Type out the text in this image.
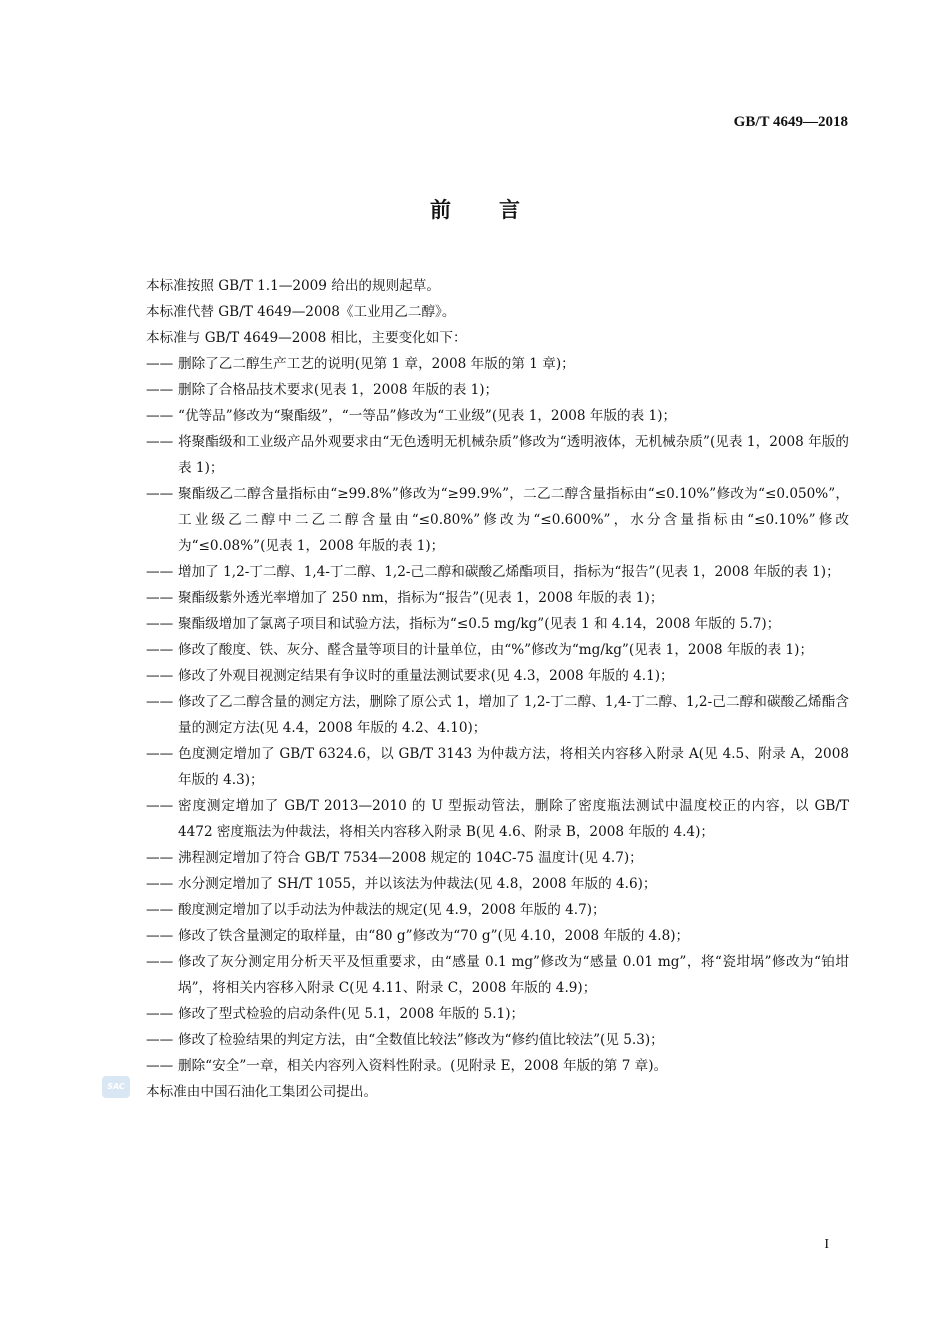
GB/T 4649—2018
前言
本标准按照 GB/T 1.1—2009 给出的规则起草。
本标准代替 GB/T 4649—2008《工业用乙二醇》。
本标准与 GB/T 4649—2008 相比，主要变化如下：
—— 删除了乙二醇生产工艺的说明(见第 1 章，2008 年版的第 1 章)；
—— 删除了合格品技术要求(见表 1，2008 年版的表 1)；
—— “优等品”修改为“聚酯级”，“一等品”修改为“工业级”(见表 1，2008 年版的表 1)；
—— 将聚酯级和工业级产品外观要求由“无色透明无机械杂质”修改为“透明液体，无机械杂质”(见表 1，2008 年版的表 1)；
—— 聚酯级乙二醇含量指标由“≥99.8%”修改为“≥99.9%”，二乙二醇含量指标由“≤0.10%”修改为“≤0.050%”，工业级乙二醇中二乙二醇含量由“≤0.80%”修改为“≤0.600%”，水分含量指标由“≤0.10%”修改为“≤0.08%”(见表 1，2008 年版的表 1)；
—— 增加了 1,2-丁二醇、1,4-丁二醇、1,2-己二醇和碳酸乙烯酯项目，指标为“报告”(见表 1，2008 年版的表 1)；
—— 聚酯级紫外透光率增加了 250 nm，指标为“报告”(见表 1，2008 年版的表 1)；
—— 聚酯级增加了氯离子项目和试验方法，指标为“≤0.5 mg/kg”(见表 1 和 4.14，2008 年版的 5.7)；
—— 修改了酸度、铁、灰分、醛含量等项目的计量单位，由“%”修改为“mg/kg”(见表 1，2008 年版的表 1)；
—— 修改了外观目视测定结果有争议时的重量法测试要求(见 4.3，2008 年版的 4.1)；
—— 修改了乙二醇含量的测定方法，删除了原公式 1，增加了 1,2-丁二醇、1,4-丁二醇、1,2-己二醇和碳酸乙烯酯含量的测定方法(见 4.4，2008 年版的 4.2、4.10)；
—— 色度测定增加了 GB/T 6324.6，以 GB/T 3143 为仲裁方法，将相关内容移入附录 A(见 4.5、附录 A，2008 年版的 4.3)；
—— 密度测定增加了 GB/T 2013—2010 的 U 型振动管法，删除了密度瓶法测试中温度校正的内容，以 GB/T 4472 密度瓶法为仲裁法，将相关内容移入附录 B(见 4.6、附录 B，2008 年版的 4.4)；
—— 沸程测定增加了符合 GB/T 7534—2008 规定的 104C-75 温度计(见 4.7)；
—— 水分测定增加了 SH/T 1055，并以该法为仲裁法(见 4.8，2008 年版的 4.6)；
—— 酸度测定增加了以手动法为仲裁法的规定(见 4.9，2008 年版的 4.7)；
—— 修改了铁含量测定的取样量，由“80 g”修改为“70 g”(见 4.10，2008 年版的 4.8)；
—— 修改了灰分测定用分析天平及恒重要求，由“感量 0.1 mg”修改为“感量 0.01 mg”，将“瓷坩埚”修改为“铂坩埚”，将相关内容移入附录 C(见 4.11、附录 C，2008 年版的 4.9)；
—— 修改了型式检验的启动条件(见 5.1，2008 年版的 5.1)；
—— 修改了检验结果的判定方法，由“全数值比较法”修改为“修约值比较法”(见 5.3)；
—— 删除“安全”一章，相关内容列入资料性附录。(见附录 E，2008 年版的第 7 章)。
本标准由中国石油化工集团公司提出。
SAC
I
